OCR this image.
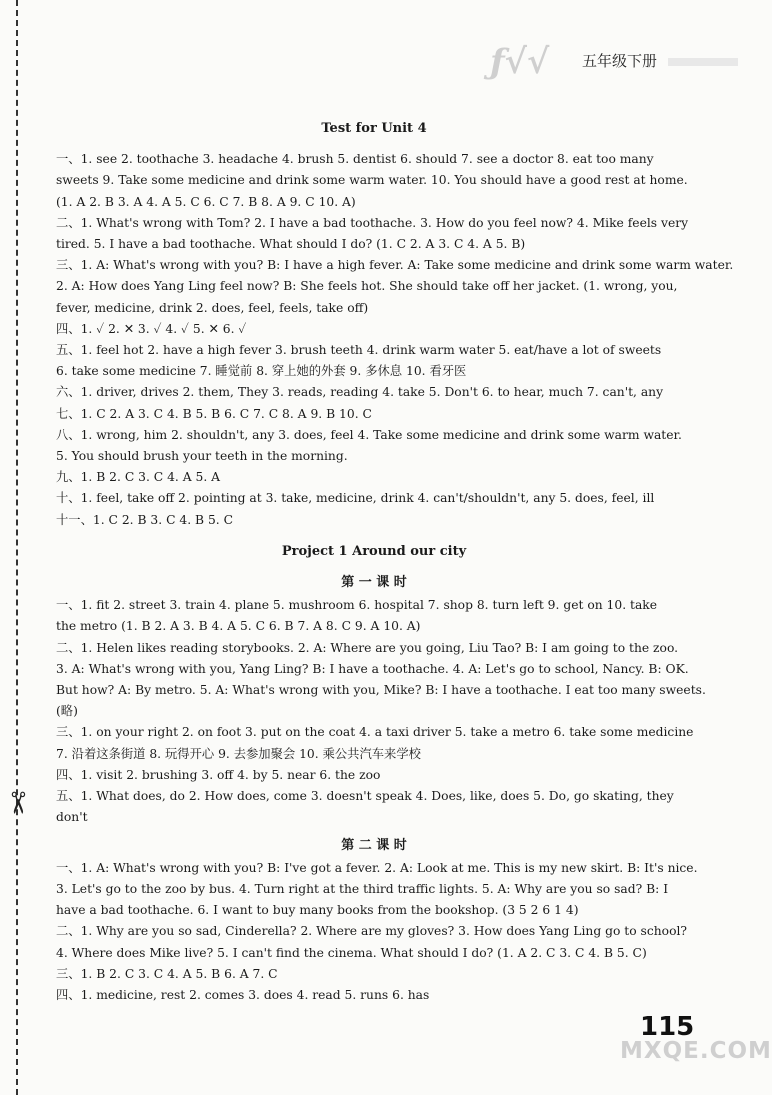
✂
ƒ√√	五年级下册
Test for Unit 4
一、1. see 2. toothache 3. headache 4. brush 5. dentist 6. should 7. see a doctor 8. eat too many
sweets 9. Take some medicine and drink some warm water. 10. You should have a good rest at home.
(1. A 2. B 3. A 4. A 5. C 6. C 7. B 8. A 9. C 10. A)
二、1. What's wrong with Tom? 2. I have a bad toothache. 3. How do you feel now? 4. Mike feels very
tired. 5. I have a bad toothache. What should I do? (1. C 2. A 3. C 4. A 5. B)
三、1. A: What's wrong with you? B: I have a high fever. A: Take some medicine and drink some warm water.
2. A: How does Yang Ling feel now? B: She feels hot. She should take off her jacket. (1. wrong, you,
fever, medicine, drink 2. does, feel, feels, take off)
四、1. ✓ 2. ✕ 3. ✓ 4. ✓ 5. ✕ 6. ✓
五、1. feel hot 2. have a high fever 3. brush teeth 4. drink warm water 5. eat/have a lot of sweets
6. take some medicine 7. 睡觉前 8. 穿上她的外套 9. 多休息 10. 看牙医
六、1. driver, drives 2. them, They 3. reads, reading 4. take 5. Don't 6. to hear, much 7. can't, any
七、1. C 2. A 3. C 4. B 5. B 6. C 7. C 8. A 9. B 10. C
八、1. wrong, him 2. shouldn't, any 3. does, feel 4. Take some medicine and drink some warm water.
5. You should brush your teeth in the morning.
九、1. B 2. C 3. C 4. A 5. A
十、1. feel, take off 2. pointing at 3. take, medicine, drink 4. can't/shouldn't, any 5. does, feel, ill
十一、1. C 2. B 3. C 4. B 5. C
Project 1 Around our city
第 一 课 时
一、1. fit 2. street 3. train 4. plane 5. mushroom 6. hospital 7. shop 8. turn left 9. get on 10. take
the metro (1. B 2. A 3. B 4. A 5. C 6. B 7. A 8. C 9. A 10. A)
二、1. Helen likes reading storybooks. 2. A: Where are you going, Liu Tao? B: I am going to the zoo.
3. A: What's wrong with you, Yang Ling? B: I have a toothache. 4. A: Let's go to school, Nancy. B: OK.
But how? A: By metro. 5. A: What's wrong with you, Mike? B: I have a toothache. I eat too many sweets.
(略)
三、1. on your right 2. on foot 3. put on the coat 4. a taxi driver 5. take a metro 6. take some medicine
7. 沿着这条街道 8. 玩得开心 9. 去参加聚会 10. 乘公共汽车来学校
四、1. visit 2. brushing 3. off 4. by 5. near 6. the zoo
五、1. What does, do 2. How does, come 3. doesn't speak 4. Does, like, does 5. Do, go skating, they
don't
第 二 课 时
一、1. A: What's wrong with you? B: I've got a fever. 2. A: Look at me. This is my new skirt. B: It's nice.
3. Let's go to the zoo by bus. 4. Turn right at the third traffic lights. 5. A: Why are you so sad? B: I
have a bad toothache. 6. I want to buy many books from the bookshop. (3 5 2 6 1 4)
二、1. Why are you so sad, Cinderella? 2. Where are my gloves? 3. How does Yang Ling go to school?
4. Where does Mike live? 5. I can't find the cinema. What should I do? (1. A 2. C 3. C 4. B 5. C)
三、1. B 2. C 3. C 4. A 5. B 6. A 7. C
四、1. medicine, rest 2. comes 3. does 4. read 5. runs 6. has
115
MXQE.COM
